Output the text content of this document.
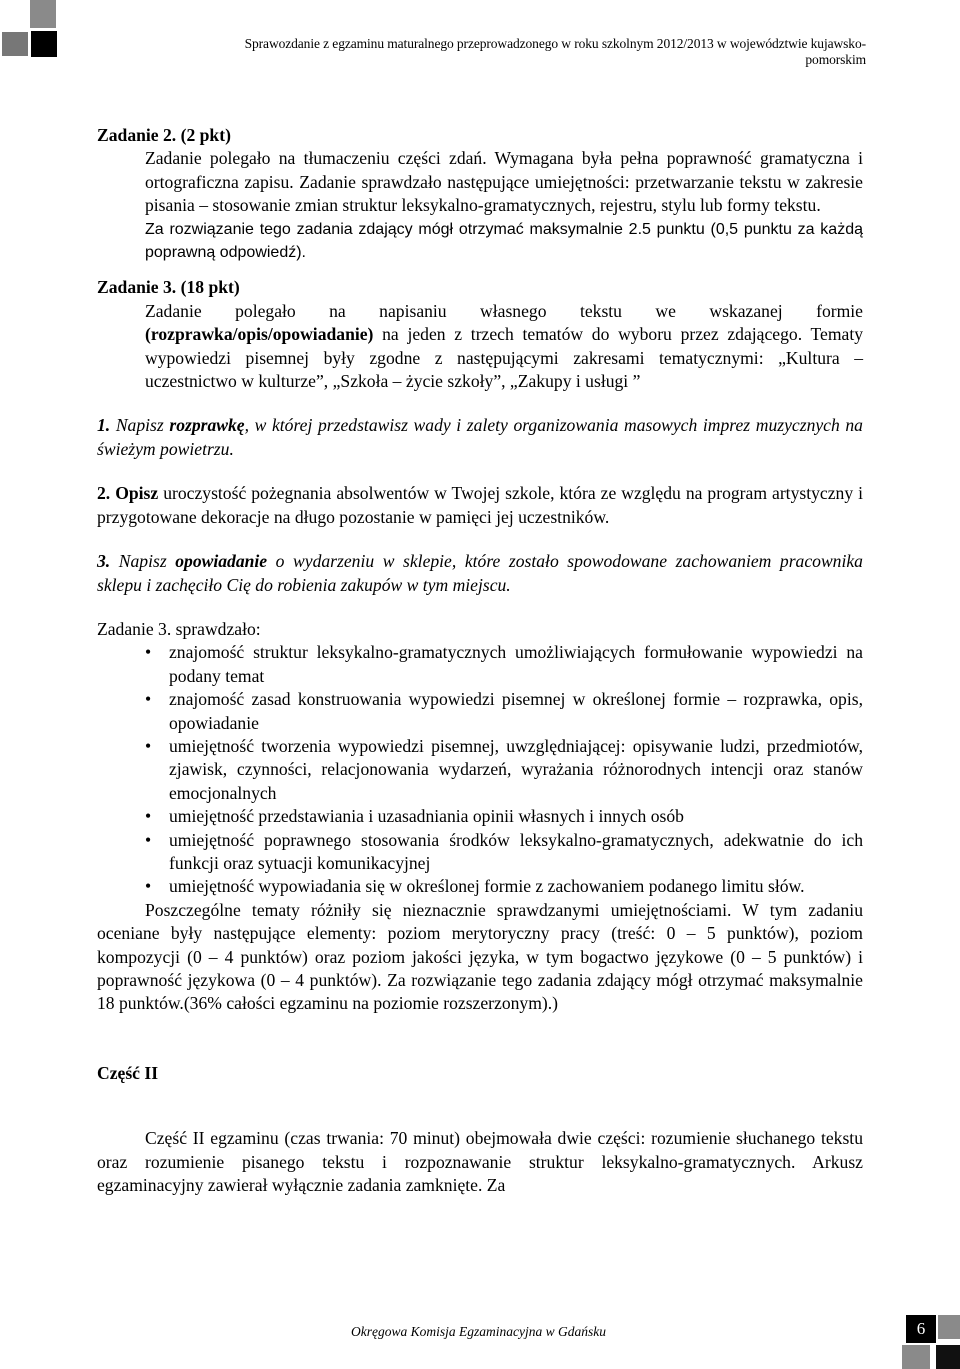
Sprawozdanie z egzaminu maturalnego przeprowadzonego w roku szkolnym 2012/2013 w województwie kujawsko-pomorskim

Zadanie 2. (2 pkt)

Zadanie polegało na tłumaczeniu części zdań. Wymagana była pełna poprawność gramatyczna i ortograficzna zapisu. Zadanie sprawdzało następujące umiejętności: przetwarzanie tekstu w zakresie pisania – stosowanie zmian struktur leksykalno-gramatycznych, rejestru, stylu lub formy tekstu.

Za rozwiązanie tego zadania zdający mógł otrzymać maksymalnie 2.5 punktu (0,5 punktu za każdą poprawną odpowiedź).

Zadanie 3. (18 pkt)

Zadanie polegało na napisaniu własnego tekstu we wskazanej formie (rozprawka/opis/opowiadanie) na jeden z trzech tematów do wyboru przez zdającego. Tematy wypowiedzi pisemnej były zgodne z następującymi zakresami tematycznymi: „Kultura – uczestnictwo w kulturze”, „Szkoła – życie szkoły”, „Zakupy i usługi ”

1. Napisz rozprawkę, w której przedstawisz wady i zalety organizowania masowych imprez muzycznych na świeżym powietrzu.

2. Opisz uroczystość pożegnania absolwentów w Twojej szkole, która ze względu na program artystyczny i przygotowane dekoracje na długo pozostanie w pamięci jej uczestników.

3. Napisz opowiadanie o wydarzeniu w sklepie, które zostało spowodowane zachowaniem pracownika sklepu i zachęciło Cię do robienia zakupów w tym miejscu.

Zadanie 3. sprawdzało:

• znajomość struktur leksykalno-gramatycznych umożliwiających formułowanie wypowiedzi na podany temat
• znajomość zasad konstruowania wypowiedzi pisemnej w określonej formie – rozprawka, opis, opowiadanie
• umiejętność tworzenia wypowiedzi pisemnej, uwzględniającej: opisywanie ludzi, przedmiotów, zjawisk, czynności, relacjonowania wydarzeń, wyrażania różnorodnych intencji oraz stanów emocjonalnych
• umiejętność przedstawiania i uzasadniania opinii własnych i innych osób
• umiejętność poprawnego stosowania środków leksykalno-gramatycznych, adekwatnie do ich funkcji oraz sytuacji komunikacyjnej
• umiejętność wypowiadania się w określonej formie z zachowaniem podanego limitu słów.

Poszczególne tematy różniły się nieznacznie sprawdzanymi umiejętnościami. W tym zadaniu oceniane były następujące elementy: poziom merytoryczny pracy (treść: 0 – 5 punktów), poziom kompozycji (0 – 4 punktów) oraz poziom jakości języka, w tym bogactwo językowe (0 – 5 punktów) i poprawność językowa (0 – 4 punktów). Za rozwiązanie tego zadania zdający mógł otrzymać maksymalnie 18 punktów.(36% całości egzaminu na poziomie rozszerzonym).)

Część II

Część II egzaminu (czas trwania: 70 minut) obejmowała dwie części: rozumienie słuchanego tekstu oraz rozumienie pisanego tekstu i rozpoznawanie struktur leksykalno-gramatycznych. Arkusz egzaminacyjny zawierał wyłącznie zadania zamknięte. Za

Okręgowa Komisja Egzaminacyjna w Gdańsku	6
